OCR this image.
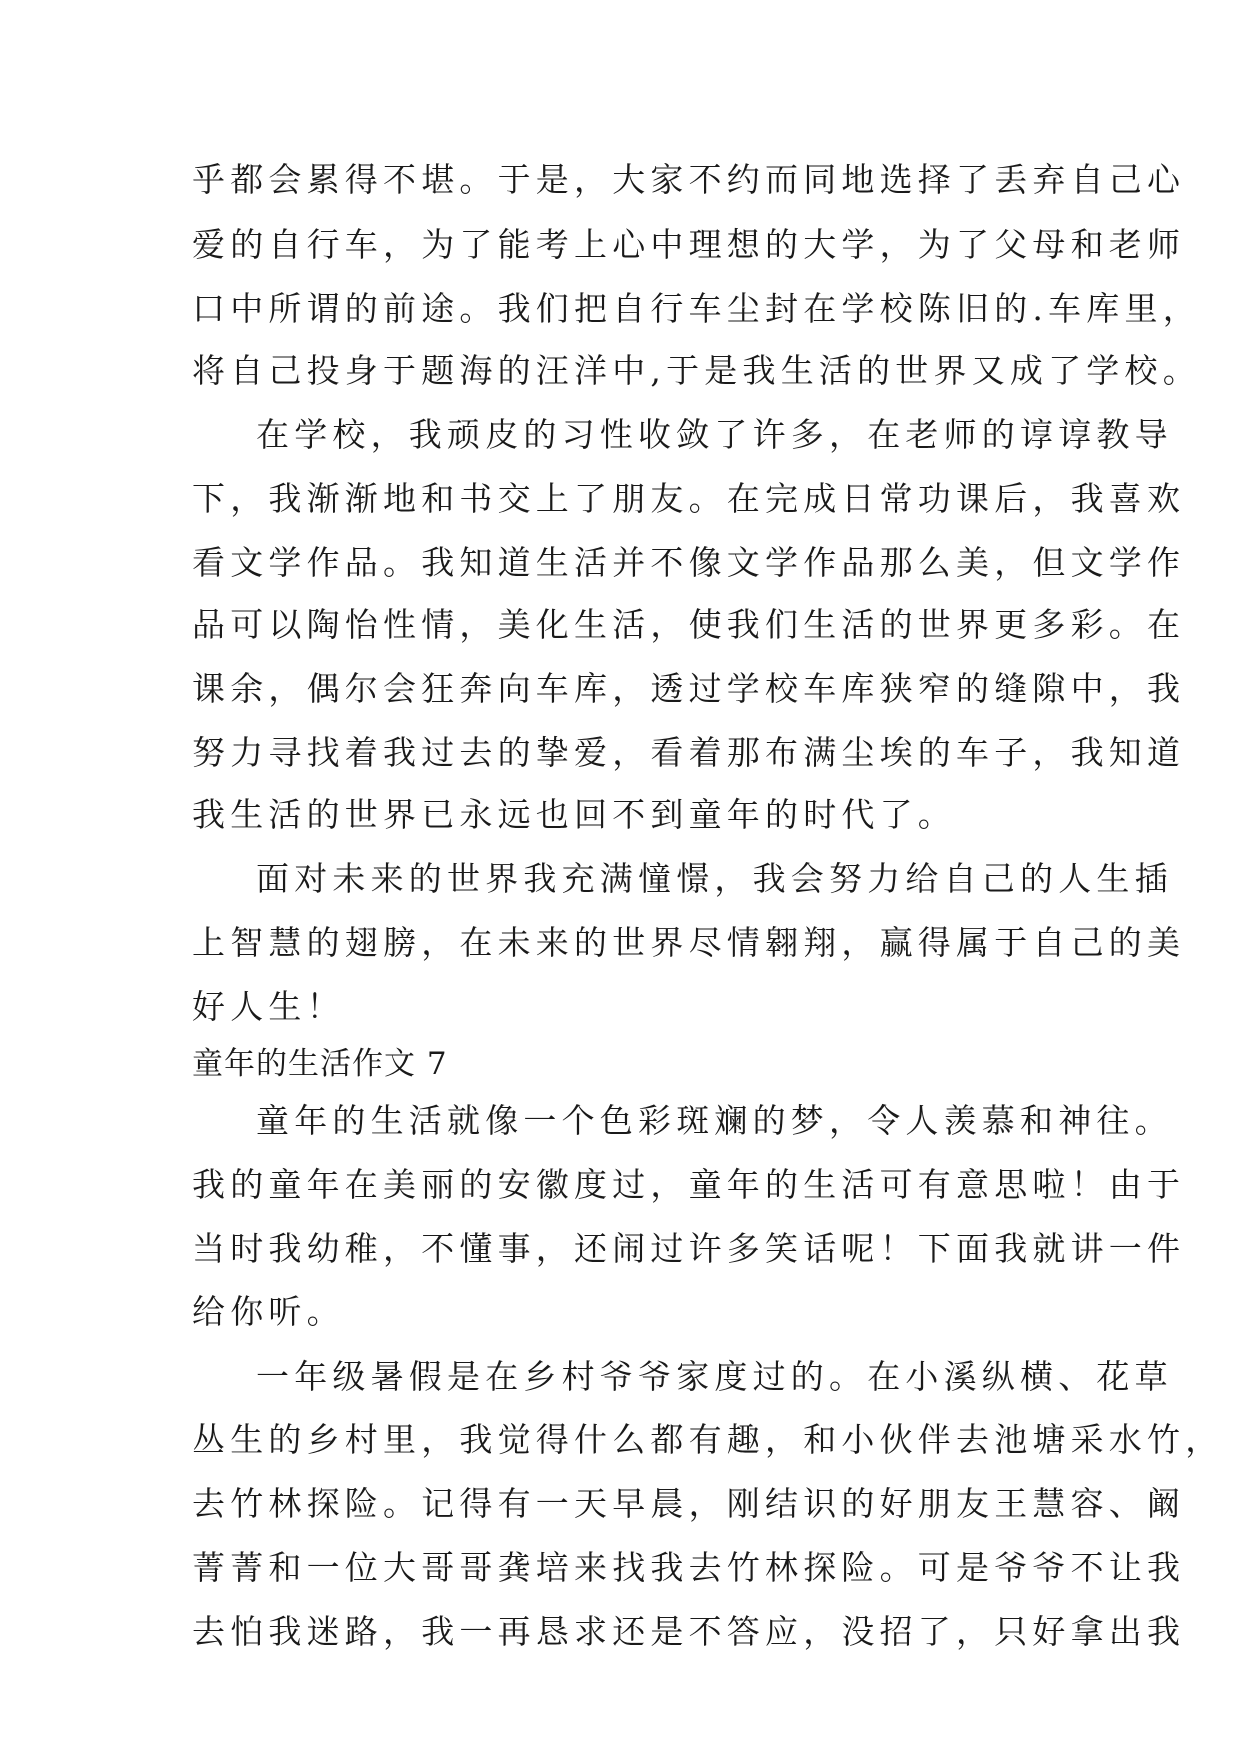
乎都会累得不堪。于是，大家不约而同地选择了丢弃自己心
爱的自行车，为了能考上心中理想的大学，为了父母和老师
口中所谓的前途。我们把自行车尘封在学校陈旧的.车库里，
将自己投身于题海的汪洋中,于是我生活的世界又成了学校。
在学校，我顽皮的习性收敛了许多，在老师的谆谆教导
下，我渐渐地和书交上了朋友。在完成日常功课后，我喜欢
看文学作品。我知道生活并不像文学作品那么美，但文学作
品可以陶怡性情，美化生活，使我们生活的世界更多彩。在
课余，偶尔会狂奔向车库，透过学校车库狭窄的缝隙中，我
努力寻找着我过去的挚爱，看着那布满尘埃的车子，我知道
我生活的世界已永远也回不到童年的时代了。
面对未来的世界我充满憧憬，我会努力给自己的人生插
上智慧的翅膀，在未来的世界尽情翱翔，赢得属于自己的美
好人生！
童年的生活作文 7
童年的生活就像一个色彩斑斓的梦，令人羡慕和神往。
我的童年在美丽的安徽度过，童年的生活可有意思啦！由于
当时我幼稚，不懂事，还闹过许多笑话呢！下面我就讲一件
给你听。
一年级暑假是在乡村爷爷家度过的。在小溪纵横、花草
丛生的乡村里，我觉得什么都有趣，和小伙伴去池塘采水竹，
去竹林探险。记得有一天早晨，刚结识的好朋友王慧容、阚
菁菁和一位大哥哥龚培来找我去竹林探险。可是爷爷不让我
去怕我迷路，我一再恳求还是不答应，没招了，只好拿出我
